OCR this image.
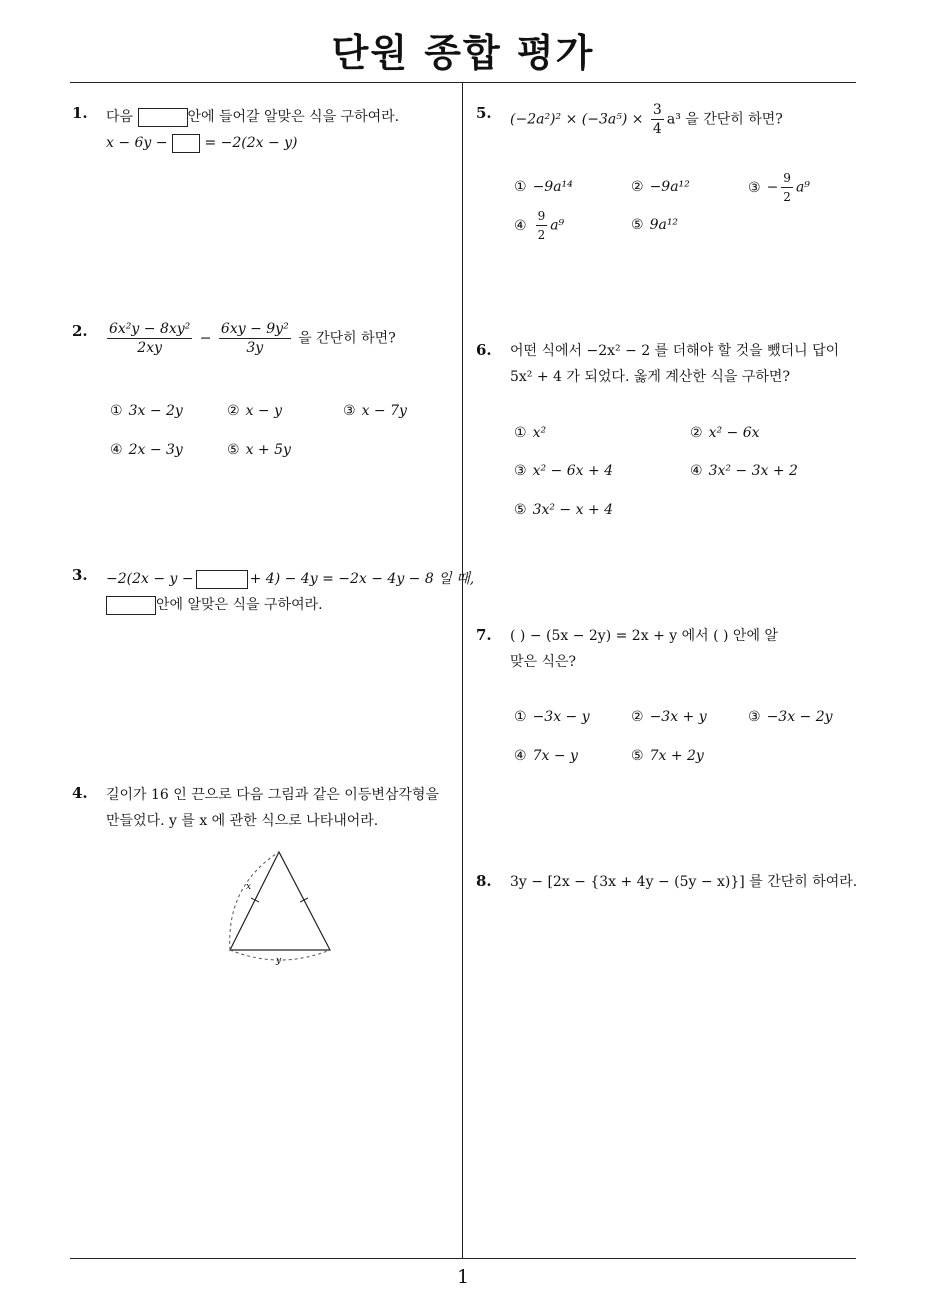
단원 종합 평가
1
1. 다음	안에 들어갈 알맞은 식을 구하여라.
x − 6y −	= −2(2x − y)
2. $\frac{\text{6x²y − 8xy²}}{2xy} - \frac{\text{6xy − 9y²}}{3y}$ 을 간단히 하면?
① 3x − 2y	② x − y	③ x − 7y
④ 2x − 3y	⑤ x + 5y
3. −2(2x − y −	+ 4) − 4y = −2x − 4y − 8 일 때,
안에 알맞은 식을 구하여라.
4. 길이가 16 인 끈으로 다음 그림과 같은 이등변삼각형을
만들었다. y 를 x 에 관한 식으로 나타내어라.
x
y
5. $(-2a^2)^2 \times (-3a^5) \times \frac{3}{4} a^3$ 을 간단히 하면?
① −9a¹⁴	② −9a¹²	③ − $\frac{9}{2} a^9$
④ $\frac{9}{2} a^9$	⑤ 9a¹²
6. 어떤 식에서 −2x² − 2 를 더해야 할 것을 뺐더니 답이
5x² + 4 가 되었다. 옳게 계산한 식을 구하면?
① x²	② x² − 6x
③ x² − 6x + 4	④ 3x² − 3x + 2
⑤ 3x² − x + 4
7. ( ) − (5x − 2y) = 2x + y 에서 ( ) 안에 알
맞은 식은?
① −3x − y	② −3x + y	③ −3x − 2y
④ 7x − y	⑤ 7x + 2y
8. 3y − [2x − {3x + 4y − (5y − x)}] 를 간단히 하여라.
